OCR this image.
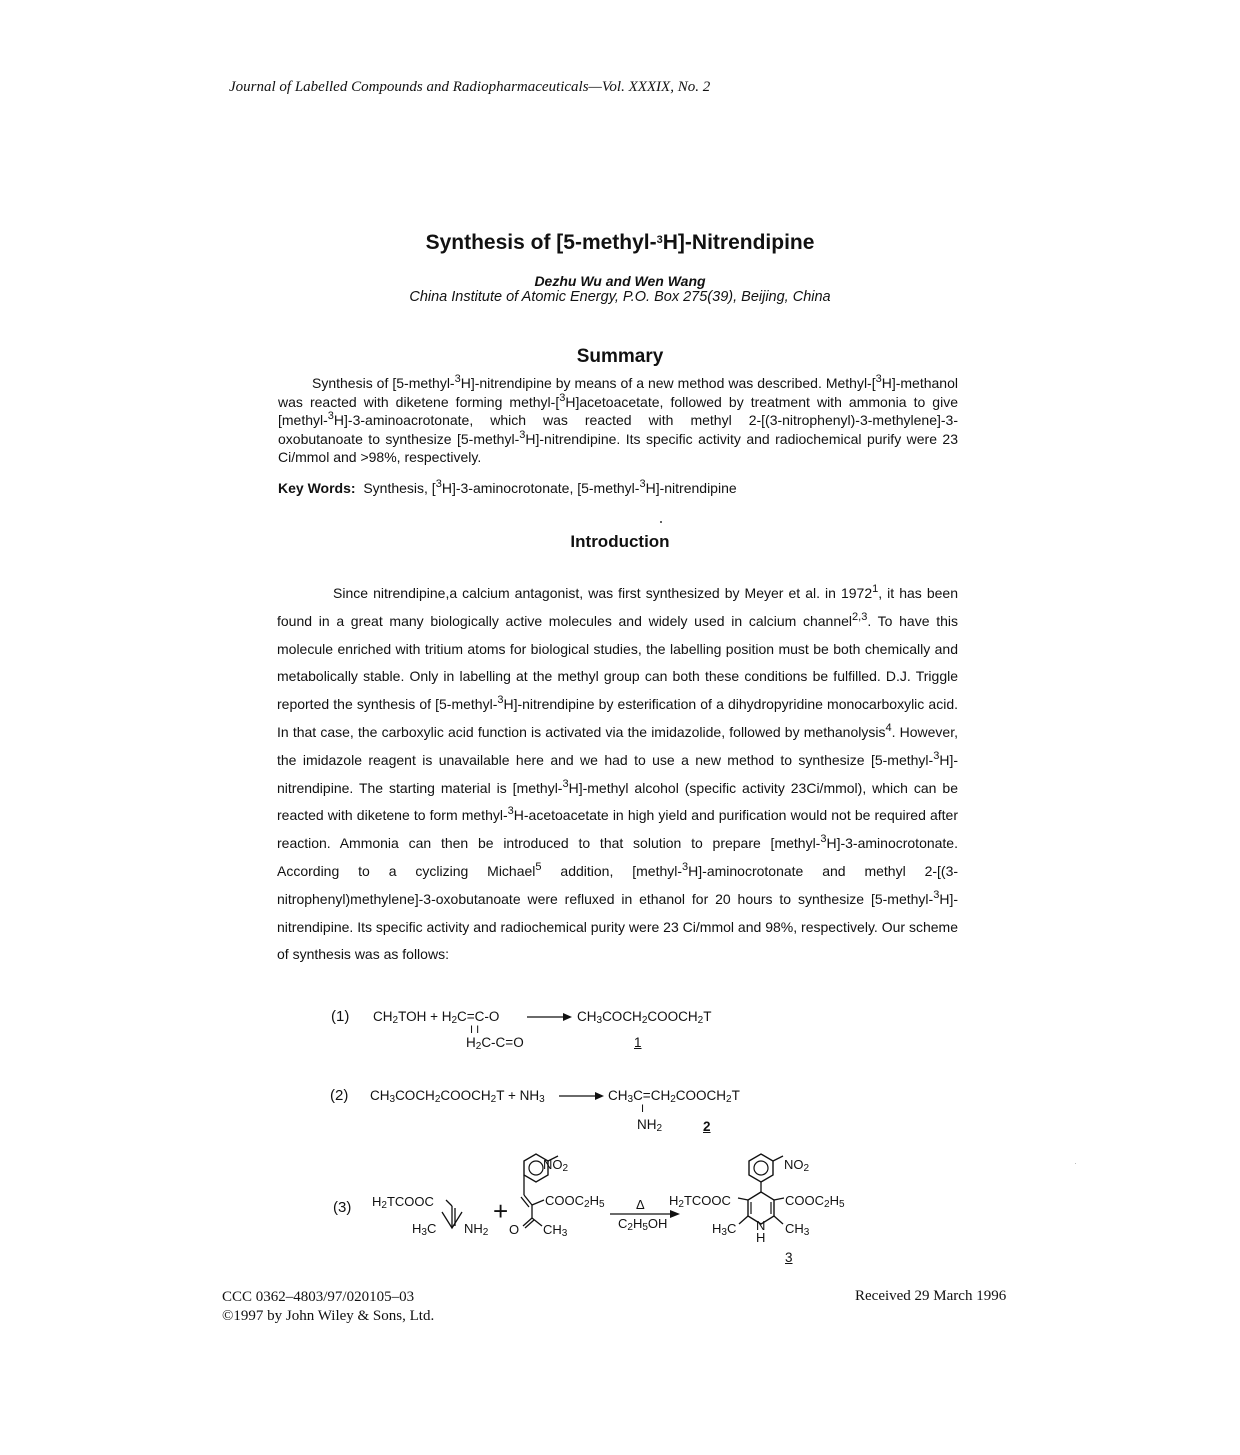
Journal of Labelled Compounds and Radiopharmaceuticals—Vol. XXXIX, No. 2
Synthesis of [5-methyl-$^3$H]-Nitrendipine
Dezhu Wu and Wen Wang
China Institute of Atomic Energy, P.O. Box 275(39), Beijing, China
Summary
Synthesis of [5-methyl-$^3$H]-nitrendipine by means of a new method was described. Methyl-[$^3$H]-methanol was reacted with diketene forming methyl-[$^3$H]acetoacetate, followed by treatment with ammonia to give [methyl-$^3$H]-3-aminoacrotonate, which was reacted with methyl 2-[(3-nitrophenyl)-3-methylene]-3-oxobutanoate to synthesize [5-methyl-$^3$H]-nitrendipine. Its specific activity and radiochemical purify were 23 Ci/mmol and >98%, respectively.
Key Words: Synthesis, [$^3$H]-3-aminocrotonate, [5-methyl-$^3$H]-nitrendipine
Introduction
Since nitrendipine,a calcium antagonist, was first synthesized by Meyer et al. in 1972$^1$, it has been found in a great many biologically active molecules and widely used in calcium channel$^{2,3}$. To have this molecule enriched with tritium atoms for biological studies, the labelling position must be both chemically and metabolically stable. Only in labelling at the methyl group can both these conditions be fulfilled. D.J. Triggle reported the synthesis of [5-methyl-$^3$H]-nitrendipine by esterification of a dihydropyridine monocarboxylic acid. In that case, the carboxylic acid function is activated via the imidazolide, followed by methanolysis$^4$. However, the imidazole reagent is unavailable here and we had to use a new method to synthesize [5-methyl-$^3$H]-nitrendipine. The starting material is [methyl-$^3$H]-methyl alcohol (specific activity 23Ci/mmol), which can be reacted with diketene to form methyl-$^3$H-acetoacetate in high yield and purification would not be required after reaction. Ammonia can then be introduced to that solution to prepare [methyl-$^3$H]-3-aminocrotonate. According to a cyclizing Michael$^5$ addition, [methyl-$^3$H]-aminocrotonate and methyl 2-[(3-nitrophenyl)methylene]-3-oxobutanoate were refluxed in ethanol for 20 hours to synthesize [5-methyl-$^3$H]-nitrendipine. Its specific activity and radiochemical purity were 23 Ci/mmol and 98%, respectively. Our scheme of synthesis was as follows:
(1) $CH_2TOH + H_2C=C-O$
I I
$H_2C-C=O$
→ $CH_3COCH_2COOCH_2T$
1
(2) $CH_3COCH_2COOCH_2T + NH_3$ → $CH_3C=CH_2COOCH_2T$
I
$NH_2$	2
(3) $H_2TCOOC$
$H_3C$ $NH_2$
+
$NO_2$
$COOC_2H_5$
O $CH_3$
Δ
$C_2H_5OH$
$H_2TCOOC$
$NO_2$
$COOC_2H_5$
$H_3C$ N
H
$CH_3$
3
CCC 0362–4803/97/020105–03
©1997 by John Wiley & Sons, Ltd.
Received 29 March 1996
